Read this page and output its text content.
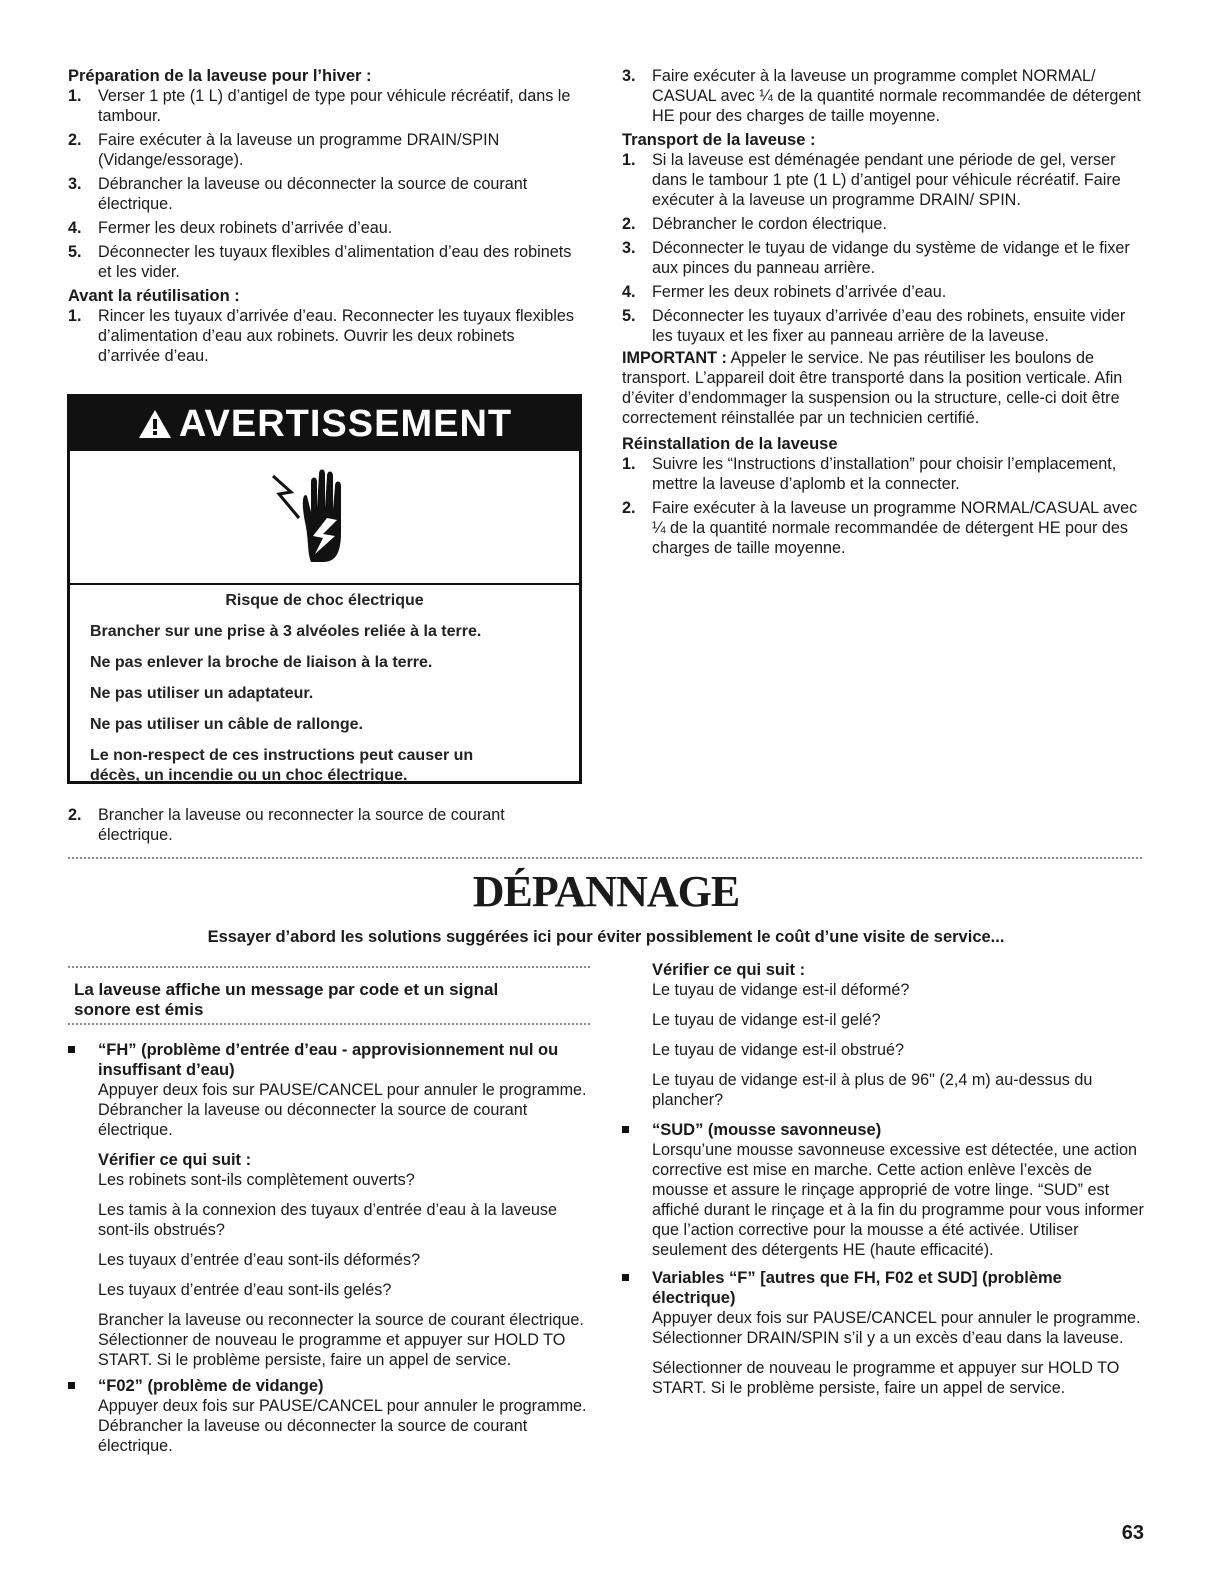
Préparation de la laveuse pour l’hiver :
1. Verser 1 pte (1 L) d’antigel de type pour véhicule récréatif, dans le tambour.
2. Faire exécuter à la laveuse un programme DRAIN/SPIN (Vidange/essorage).
3. Débrancher la laveuse ou déconnecter la source de courant électrique.
4. Fermer les deux robinets d’arrivée d’eau.
5. Déconnecter les tuyaux flexibles d’alimentation d’eau des robinets et les vider.
Avant la réutilisation :
1. Rincer les tuyaux d’arrivée d’eau. Reconnecter les tuyaux flexibles d’alimentation d’eau aux robinets. Ouvrir les deux robinets d’arrivée d’eau.
AVERTISSEMENT
Risque de choc électrique

Brancher sur une prise à 3 alvéoles reliée à la terre.

Ne pas enlever la broche de liaison à la terre.

Ne pas utiliser un adaptateur.

Ne pas utiliser un câble de rallonge.

Le non-respect de ces instructions peut causer un décès, un incendie ou un choc électrique.

2. Brancher la laveuse ou reconnecter la source de courant électrique.
3. Faire exécuter à la laveuse un programme complet NORMAL/ CASUAL avec ¼ de la quantité normale recommandée de détergent HE pour des charges de taille moyenne.
Transport de la laveuse :
1. Si la laveuse est déménagée pendant une période de gel, verser dans le tambour 1 pte (1 L) d’antigel pour véhicule récréatif. Faire exécuter à la laveuse un programme DRAIN/ SPIN.
2. Débrancher le cordon électrique.
3. Déconnecter le tuyau de vidange du système de vidange et le fixer aux pinces du panneau arrière.
4. Fermer les deux robinets d’arrivée d’eau.
5. Déconnecter les tuyaux d’arrivée d’eau des robinets, ensuite vider les tuyaux et les fixer au panneau arrière de la laveuse.

IMPORTANT : Appeler le service. Ne pas réutiliser les boulons de transport. L’appareil doit être transporté dans la position verticale. Afin d’éviter d’endommager la suspension ou la structure, celle-ci doit être correctement réinstallée par un technicien certifié.

Réinstallation de la laveuse
1. Suivre les “Instructions d’installation” pour choisir l’emplacement, mettre la laveuse d’aplomb et la connecter.
2. Faire exécuter à la laveuse un programme NORMAL/CASUAL avec ¼ de la quantité normale recommandée de détergent HE pour des charges de taille moyenne.
DÉPANNAGE
Essayer d’abord les solutions suggérées ici pour éviter possiblement le coût d’une visite de service...
La laveuse affiche un message par code et un signal sonore est émis
“FH” (problème d’entrée d’eau - approvisionnement nul ou insuffisant d’eau)

Appuyer deux fois sur PAUSE/CANCEL pour annuler le programme. Débrancher la laveuse ou déconnecter la source de courant électrique.

Vérifier ce qui suit :

Les robinets sont-ils complètement ouverts?

Les tamis à la connexion des tuyaux d’entrée d’eau à la laveuse sont-ils obstrués?

Les tuyaux d’entrée d’eau sont-ils déformés?

Les tuyaux d’entrée d’eau sont-ils gelés?

Brancher la laveuse ou reconnecter la source de courant électrique. Sélectionner de nouveau le programme et appuyer sur HOLD TO START. Si le problème persiste, faire un appel de service.

“F02” (problème de vidange)

Appuyer deux fois sur PAUSE/CANCEL pour annuler le programme. Débrancher la laveuse ou déconnecter la source de courant électrique.

Vérifier ce qui suit :

Le tuyau de vidange est-il déformé?

Le tuyau de vidange est-il gelé?

Le tuyau de vidange est-il obstrué?

Le tuyau de vidange est-il à plus de 96" (2,4 m) au-dessus du plancher?

“SUD” (mousse savonneuse)

Lorsqu’une mousse savonneuse excessive est détectée, une action corrective est mise en marche. Cette action enlève l’excès de mousse et assure le rinçage approprié de votre linge. “SUD” est affiché durant le rinçage et à la fin du programme pour vous informer que l’action corrective pour la mousse a été activée. Utiliser seulement des détergents HE (haute efficacité).

Variables “F” [autres que FH, F02 et SUD] (problème électrique)

Appuyer deux fois sur PAUSE/CANCEL pour annuler le programme. Sélectionner DRAIN/SPIN s’il y a un excès d’eau dans la laveuse.

Sélectionner de nouveau le programme et appuyer sur HOLD TO START. Si le problème persiste, faire un appel de service.

63
